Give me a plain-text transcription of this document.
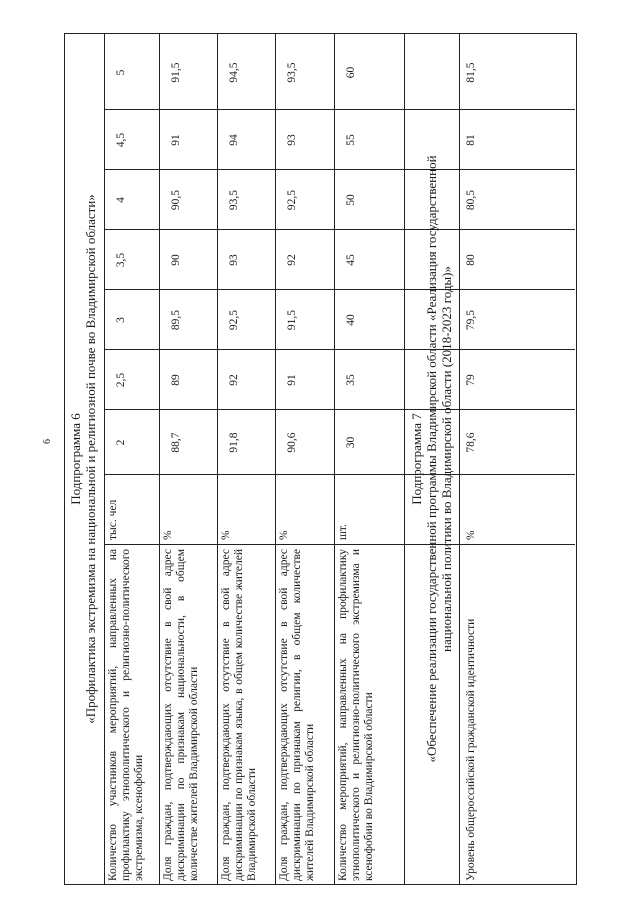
6 Подпрограмма 6 «Профилактика экстремизма на национальной и религиозной почве во Владимирской области» Количество участников мероприятий, направленных на профилактику этнополитического и религиозно-политического экстремизма, ксенофобии
тыс. чел
2
2,5
3
3,5
4
4,5
5
Доля граждан, подтверждающих отсутствие в свой адрес дискриминации по признакам национальности, в общем количестве жителей Владимирской области
%
88,7
89
89,5
90
90,5
91
91,5
Доля граждан, подтверждающих отсутствие в свой адрес дискриминации по признакам языка, в общем количестве жителей Владимирской области
%
91,8
92
92,5
93
93,5
94
94,5
Доля граждан, подтверждающих отсутствие в свой адрес дискриминации по признакам религии, в общем количестве жителей Владимирской области
%
90,6
91
91,5
92
92,5
93
93,5
Количество мероприятий, направленных на профилактику этнополитического и религиозно-политического экстремизма и ксенофобии во Владимирской области
шт.
30
35
40
45
50
55
60
Подпрограмма 7 «Обеспечение реализации государственной программы Владимирской области «Реализация государственной национальной политики во Владимирской области (2018-2023 годы)»
Уровень общероссийской гражданской идентичности
%
78,6
79
79,5
80
80,5
81
81,5
